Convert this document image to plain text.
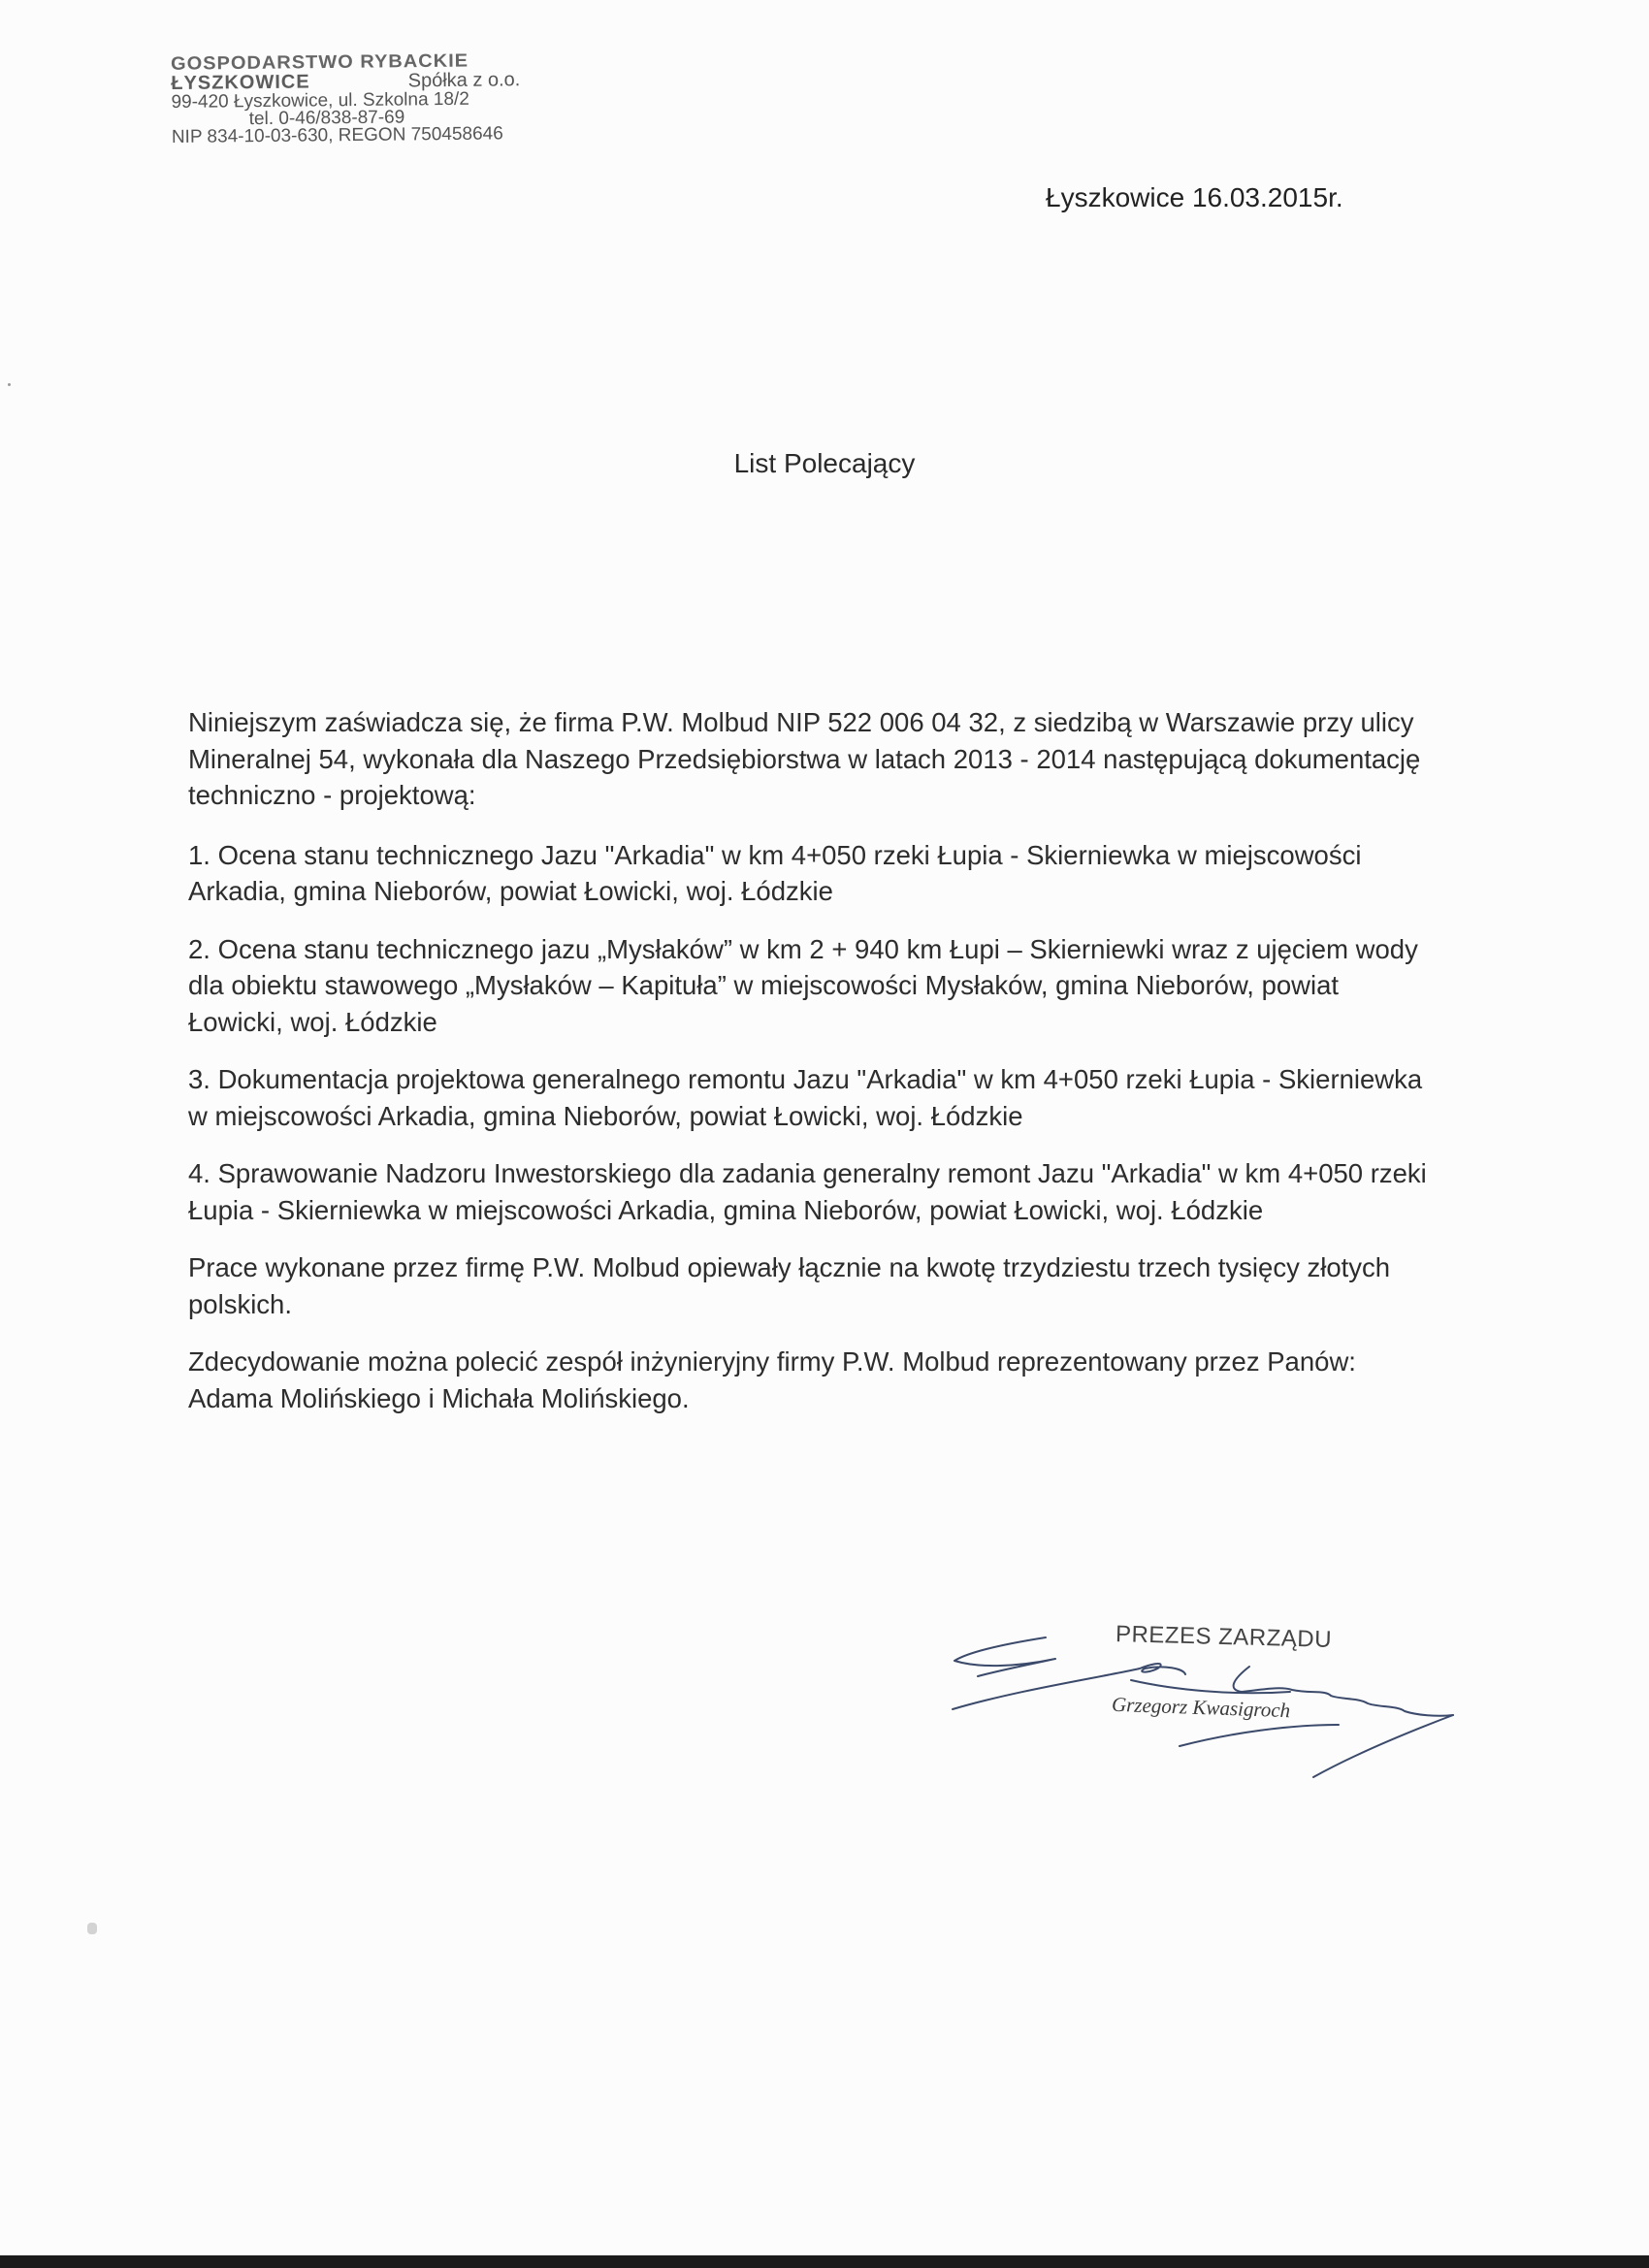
GOSPODARSTWO RYBACKIE
ŁYSZKOWICE	Spółka z o.o.
99-420 Łyszkowice, ul. Szkolna 18/2
tel. 0-46/838-87-69
NIP 834-10-03-630, REGON 750458646
Łyszkowice 16.03.2015r.
List Polecający

Niniejszym zaświadcza się, że firma P.W. Molbud NIP 522 006 04 32, z siedzibą w Warszawie przy ulicy Mineralnej 54, wykonała dla Naszego Przedsiębiorstwa w latach 2013 - 2014 następującą dokumentację techniczno - projektową:

1. Ocena stanu technicznego Jazu "Arkadia" w km 4+050 rzeki Łupia - Skierniewka w miejscowości Arkadia, gmina Nieborów, powiat Łowicki, woj. Łódzkie

2. Ocena stanu technicznego jazu „Mysłaków” w km 2 + 940 km Łupi – Skierniewki wraz z ujęciem wody dla obiektu stawowego „Mysłaków – Kapituła” w miejscowości Mysłaków, gmina Nieborów, powiat Łowicki, woj. Łódzkie

3. Dokumentacja projektowa generalnego remontu Jazu "Arkadia" w km 4+050 rzeki Łupia - Skierniewka w miejscowości Arkadia, gmina Nieborów, powiat Łowicki, woj. Łódzkie

4. Sprawowanie Nadzoru Inwestorskiego dla zadania generalny remont Jazu "Arkadia" w km 4+050 rzeki Łupia - Skierniewka w miejscowości Arkadia, gmina Nieborów, powiat Łowicki, woj. Łódzkie

Prace wykonane przez firmę P.W. Molbud opiewały łącznie na kwotę trzydziestu trzech tysięcy złotych polskich.

Zdecydowanie można polecić zespół inżynieryjny firmy P.W. Molbud reprezentowany przez Panów: Adama Molińskiego i Michała Molińskiego.

PREZES ZARZĄDU
Grzegorz Kwasigroch
